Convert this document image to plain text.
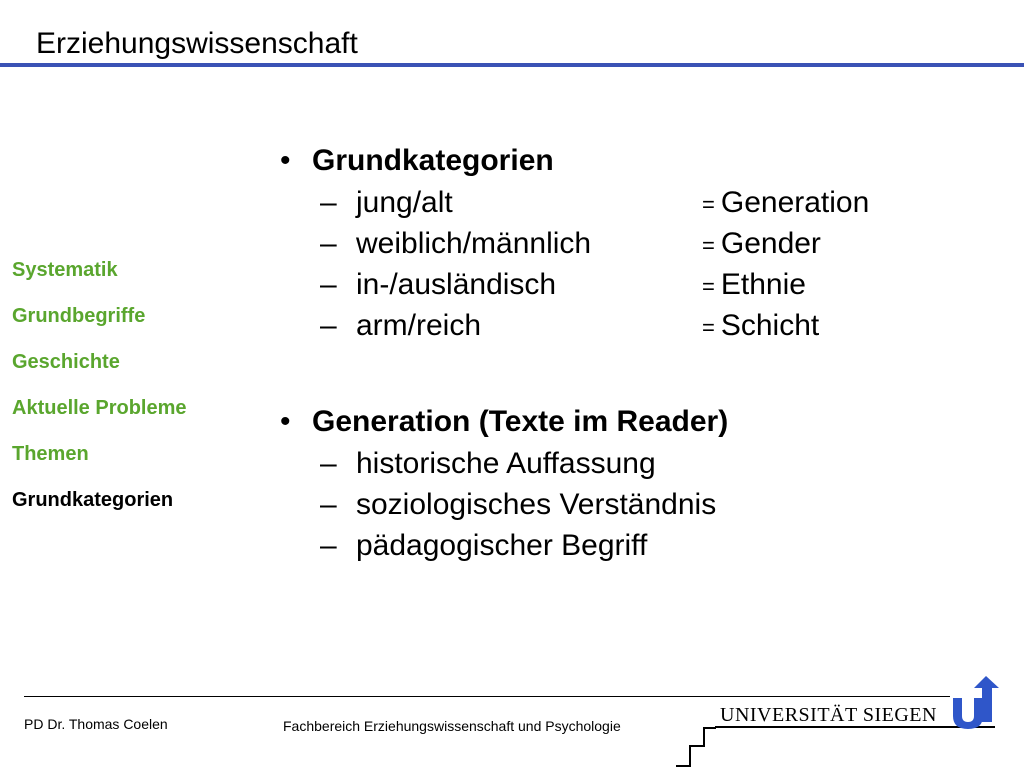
Erziehungswissenschaft
Systematik
Grundbegriffe
Geschichte
Aktuelle Probleme
Themen
Grundkategorien
• Grundkategorien
– jung/alt	= Generation
– weiblich/männlich	= Gender
– in-/ausländisch	= Ethnie
– arm/reich	= Schicht
• Generation (Texte im Reader)
– historische Auffassung
– soziologisches Verständnis
– pädagogischer Begriff
PD Dr. Thomas Coelen	Fachbereich Erziehungswissenschaft und Psychologie	UNIVERSITÄT SIEGEN
